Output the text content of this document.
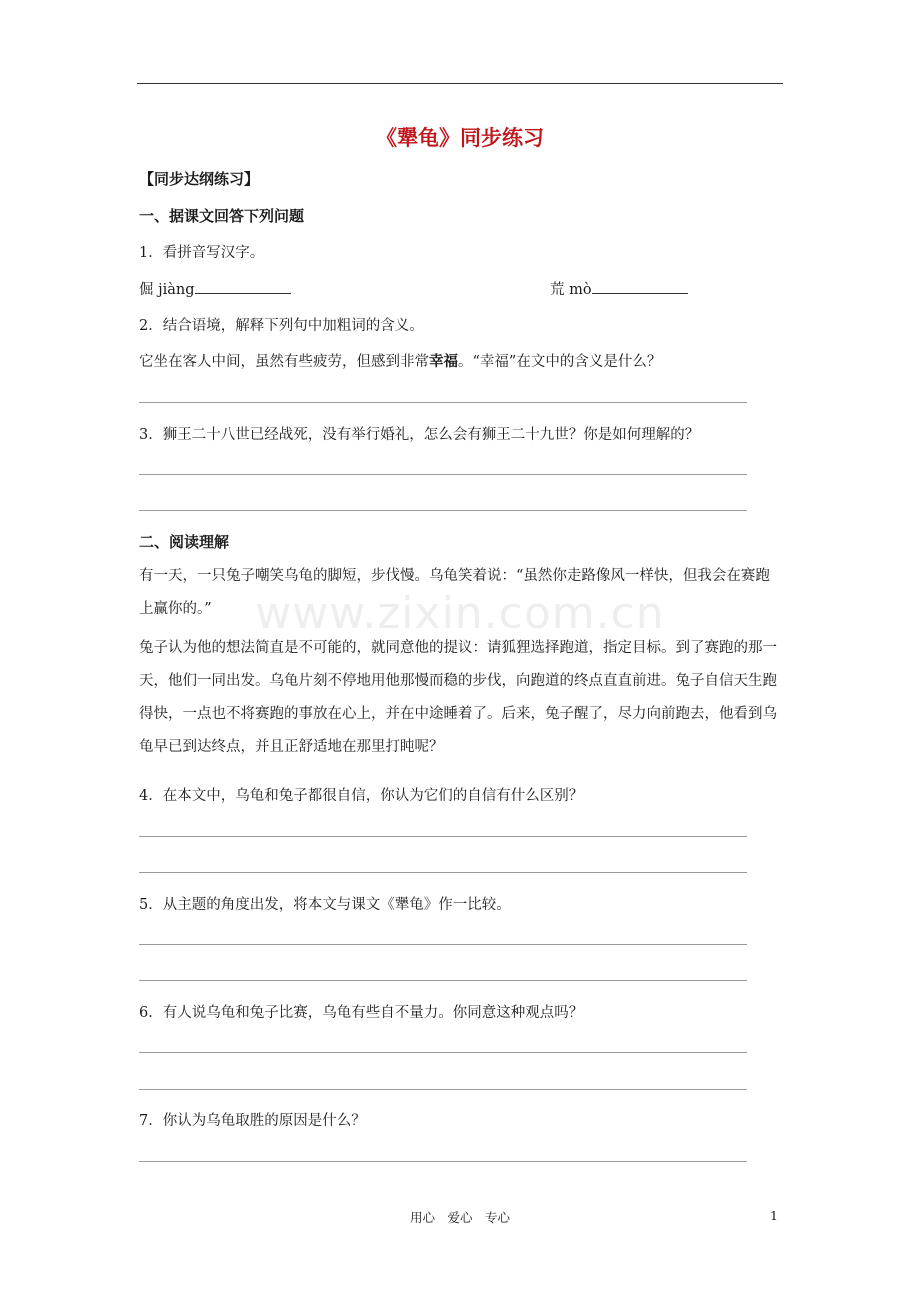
《犟龟》同步练习
【同步达纲练习】
一、据课文回答下列问题
1．看拼音写汉字。
倔 jiàng	荒 mò
2．结合语境，解释下列句中加粗词的含义。
它坐在客人中间，虽然有些疲劳，但感到非常幸福。“幸福”在文中的含义是什么？
3．狮王二十八世已经战死，没有举行婚礼，怎么会有狮王二十九世？你是如何理解的？
二、阅读理解
有一天，一只兔子嘲笑乌龟的脚短，步伐慢。乌龟笑着说：“虽然你走路像风一样快，但我会在赛跑上赢你的。”
兔子认为他的想法简直是不可能的，就同意他的提议：请狐狸选择跑道，指定目标。到了赛跑的那一天，他们一同出发。乌龟片刻不停地用他那慢而稳的步伐，向跑道的终点直直前进。兔子自信天生跑得快，一点也不将赛跑的事放在心上，并在中途睡着了。后来，兔子醒了，尽力向前跑去，他看到乌龟早已到达终点，并且正舒适地在那里打盹呢？
4．在本文中，乌龟和兔子都很自信，你认为它们的自信有什么区别？
5．从主题的角度出发，将本文与课文《犟龟》作一比较。
6．有人说乌龟和兔子比赛，乌龟有些自不量力。你同意这种观点吗？
7．你认为乌龟取胜的原因是什么？
www.zixin.com.cn
用心　爱心　专心	1
